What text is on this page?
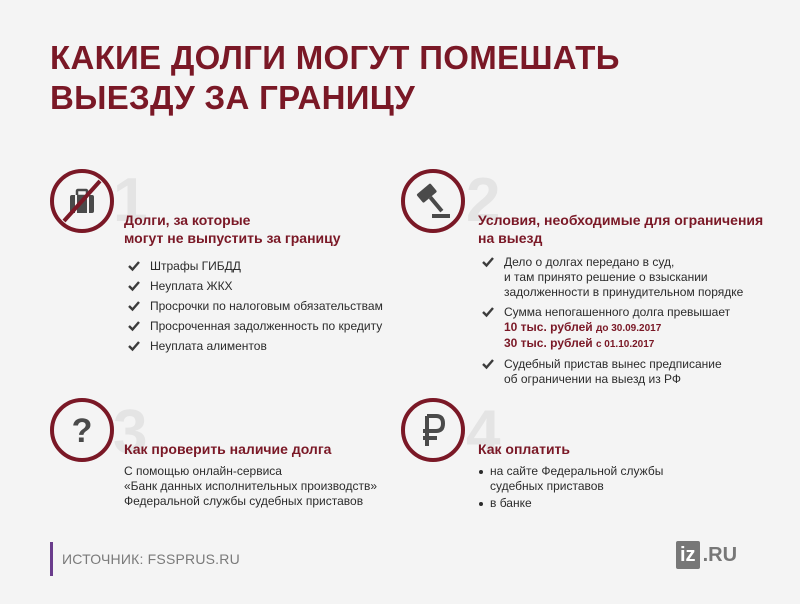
КАКИЕ ДОЛГИ МОГУТ ПОМЕШАТЬ
ВЫЕЗДУ ЗА ГРАНИЦУ
1
Долги, за которые
могут не выпустить за границу
Штрафы ГИБДД
Неуплата ЖКХ
Просрочки по налоговым обязательствам
Просроченная задолженность по кредиту
Неуплата алиментов
2
Условия, необходимые для ограничения
на выезд
Дело о долгах передано в суд,
и там принято решение о взыскании
задолженности в принудительном порядке
Сумма непогашенного долга превышает
10 тыс. рублей до 30.09.2017
30 тыс. рублей с 01.10.2017
Судебный пристав вынес предписание
об ограничении на выезд из РФ
3
? Как проверить наличие долга
С помощью онлайн-сервиса
«Банк данных исполнительных производств»
Федеральной службы судебных приставов
4
Как оплатить
на сайте Федеральной службы
судебных приставов
в банке
ИСТОЧНИК: FSSPRUS.RU	iz .RU
